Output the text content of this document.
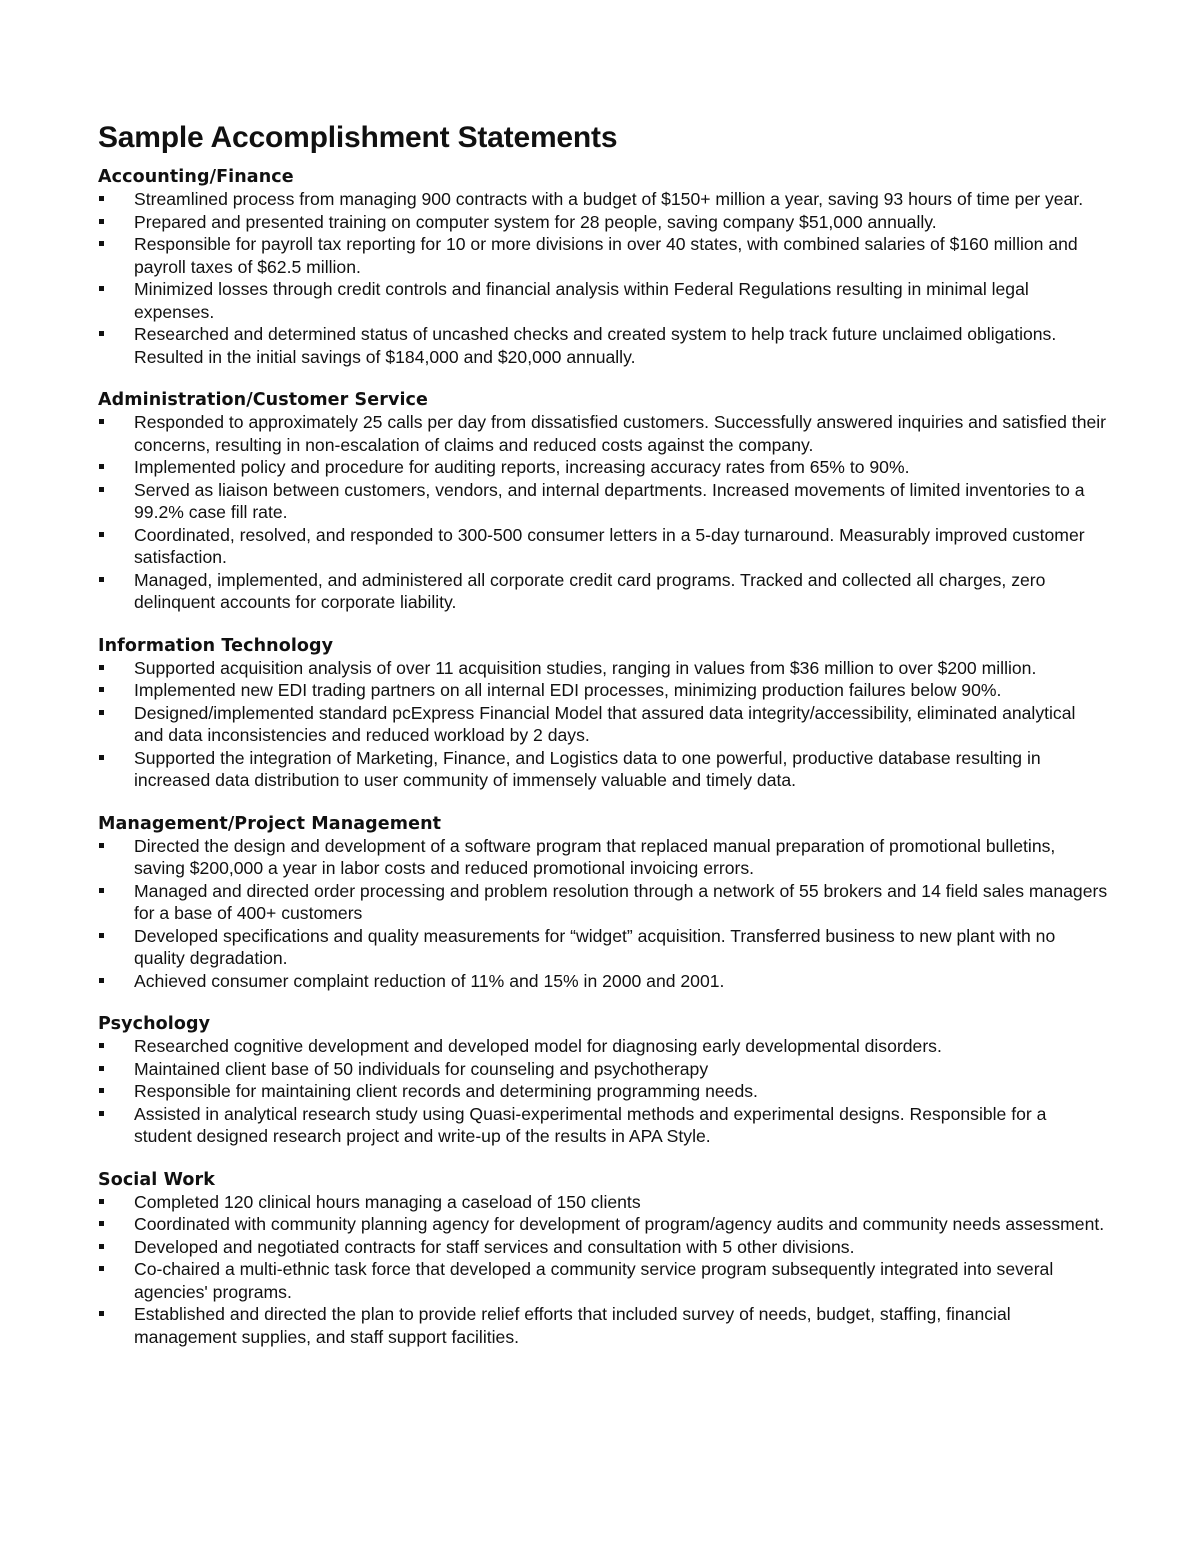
Sample Accomplishment Statements
Accounting/Finance
Streamlined process from managing 900 contracts with a budget of $150+ million a year, saving 93 hours of time per year.
Prepared and presented training on computer system for 28 people, saving company $51,000 annually.
Responsible for payroll tax reporting for 10 or more divisions in over 40 states, with combined salaries of $160 million and payroll taxes of $62.5 million.
Minimized losses through credit controls and financial analysis within Federal Regulations resulting in minimal legal expenses.
Researched and determined status of uncashed checks and created system to help track future unclaimed obligations. Resulted in the initial savings of $184,000 and $20,000 annually.
Administration/Customer Service
Responded to approximately 25 calls per day from dissatisfied customers. Successfully answered inquiries and satisfied their concerns, resulting in non-escalation of claims and reduced costs against the company.
Implemented policy and procedure for auditing reports, increasing accuracy rates from 65% to 90%.
Served as liaison between customers, vendors, and internal departments. Increased movements of limited inventories to a 99.2% case fill rate.
Coordinated, resolved, and responded to 300-500 consumer letters in a 5-day turnaround. Measurably improved customer satisfaction.
Managed, implemented, and administered all corporate credit card programs. Tracked and collected all charges, zero delinquent accounts for corporate liability.
Information Technology
Supported acquisition analysis of over 11 acquisition studies, ranging in values from $36 million to over $200 million.
Implemented new EDI trading partners on all internal EDI processes, minimizing production failures below 90%.
Designed/implemented standard pcExpress Financial Model that assured data integrity/accessibility, eliminated analytical and data inconsistencies and reduced workload by 2 days.
Supported the integration of Marketing, Finance, and Logistics data to one powerful, productive database resulting in increased data distribution to user community of immensely valuable and timely data.
Management/Project Management
Directed the design and development of a software program that replaced manual preparation of promotional bulletins, saving $200,000 a year in labor costs and reduced promotional invoicing errors.
Managed and directed order processing and problem resolution through a network of 55 brokers and 14 field sales managers for a base of 400+ customers
Developed specifications and quality measurements for “widget” acquisition. Transferred business to new plant with no quality degradation.
Achieved consumer complaint reduction of 11% and 15% in 2000 and 2001.
Psychology
Researched cognitive development and developed model for diagnosing early developmental disorders.
Maintained client base of 50 individuals for counseling and psychotherapy
Responsible for maintaining client records and determining programming needs.
Assisted in analytical research study using Quasi-experimental methods and experimental designs. Responsible for a student designed research project and write-up of the results in APA Style.
Social Work
Completed 120 clinical hours managing a caseload of 150 clients
Coordinated with community planning agency for development of program/agency audits and community needs assessment.
Developed and negotiated contracts for staff services and consultation with 5 other divisions.
Co-chaired a multi-ethnic task force that developed a community service program subsequently integrated into several agencies' programs.
Established and directed the plan to provide relief efforts that included survey of needs, budget, staffing, financial management supplies, and staff support facilities.
